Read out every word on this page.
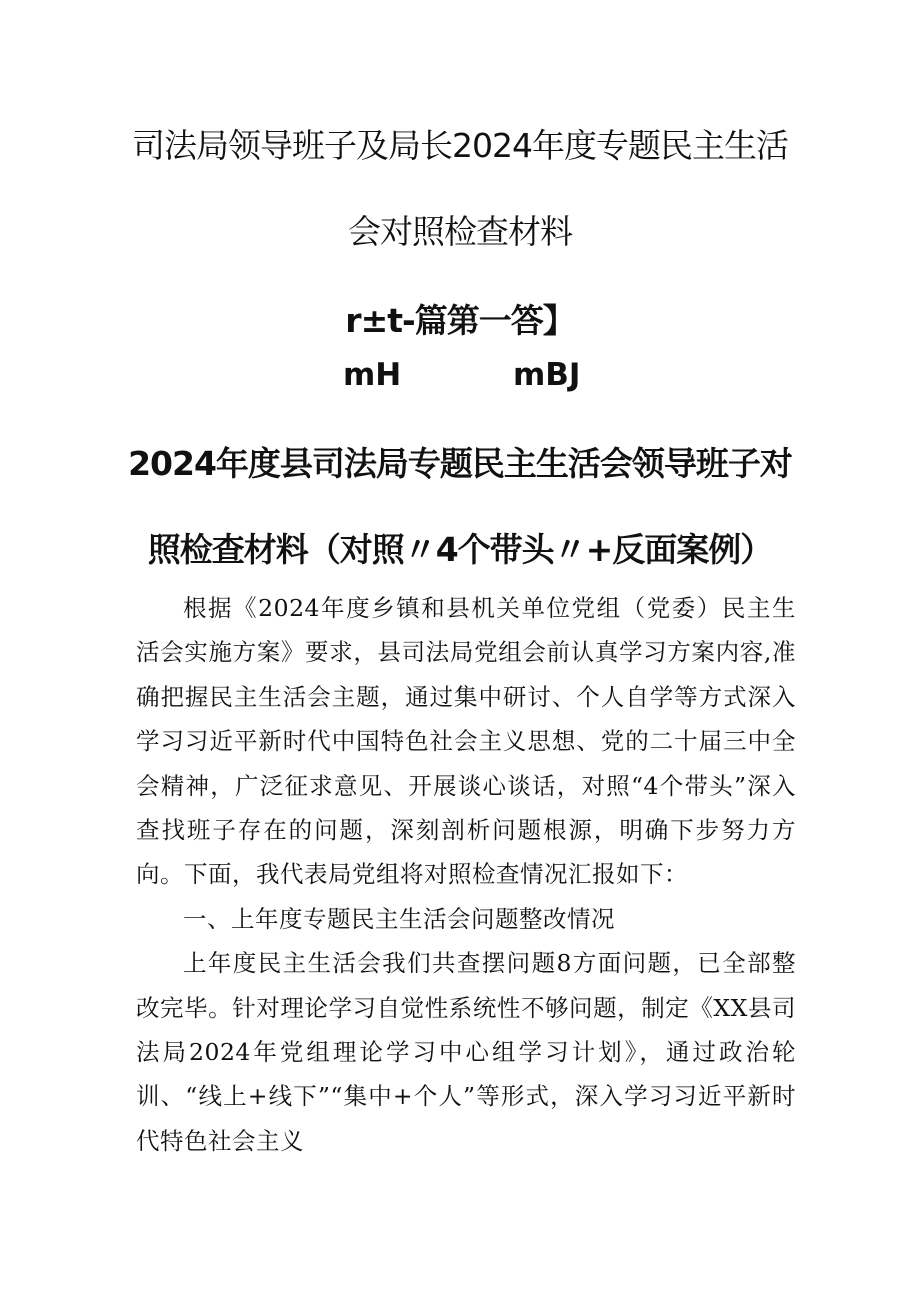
司法局领导班子及局长2024年度专题民主生活
会对照检查材料
r±t-篇第一答】
mH	mBJ
2024年度县司法局专题民主生活会领导班子对
照检查材料（对照〃4个带头〃+反面案例）

根据《2024年度乡镇和县机关单位党组（党委）民主生活会实施方案》要求，县司法局党组会前认真学习方案内容,准确把握民主生活会主题，通过集中研讨、个人自学等方式深入学习习近平新时代中国特色社会主义思想、党的二十届三中全会精神，广泛征求意见、开展谈心谈话，对照“4个带头”深入查找班子存在的问题，深刻剖析问题根源，明确下步努力方向。下面，我代表局党组将对照检查情况汇报如下：

一、上年度专题民主生活会问题整改情况

上年度民主生活会我们共查摆问题8方面问题，已全部整改完毕。针对理论学习自觉性系统性不够问题，制定《XX县司法局2024年党组理论学习中心组学习计划》，通过政治轮训、“线上+线下”“集中+个人”等形式，深入学习习近平新时代特色社会主义
